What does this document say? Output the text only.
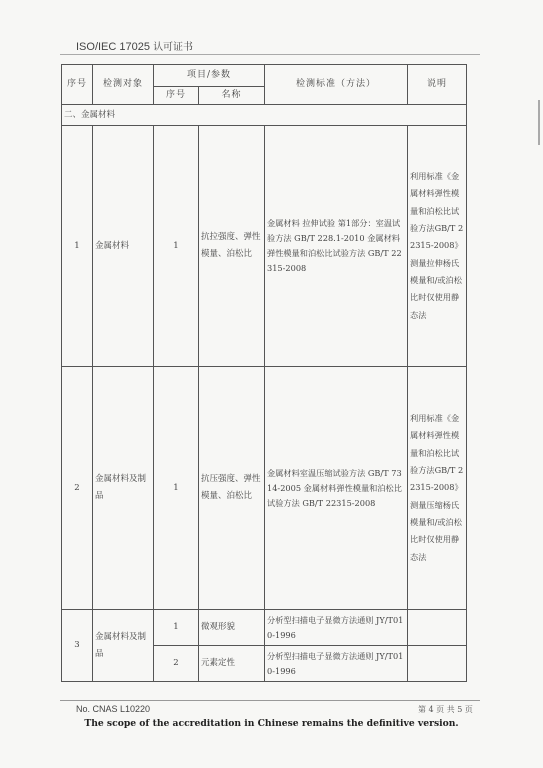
ISO/IEC 17025 认可证书
序号	检测对象	项目/参数		检测标准（方法）	说明
		序号	名称		
二、金属材料					
1	金属材料	1	抗拉强度、弹性模量、泊松比	金属材料 拉伸试验 第1部分：室温试验方法 GB/T 228.1-2010 金属材料弹性模量和泊松比试验方法 GB/T 22315-2008	利用标准《金属材料弹性模量和泊松比试验方法GB/T 22315-2008》测量拉伸杨氏模量和/或泊松比时仅使用静态法
2	金属材料及制品	1	抗压强度、弹性模量、泊松比	金属材料室温压缩试验方法 GB/T 7314-2005 金属材料弹性模量和泊松比试验方法 GB/T 22315-2008	利用标准《金属材料弹性模量和泊松比试验方法GB/T 22315-2008》测量压缩杨氏模量和/或泊松比时仅使用静态法
3	金属材料及制品	1	微观形貌	分析型扫描电子显微方法通则 JY/T010-1996	
		2	元素定性	分析型扫描电子显微方法通则 JY/T010-1996	
No. CNAS L10220	第 4 页 共 5 页
The scope of the accreditation in Chinese remains the definitive version.
